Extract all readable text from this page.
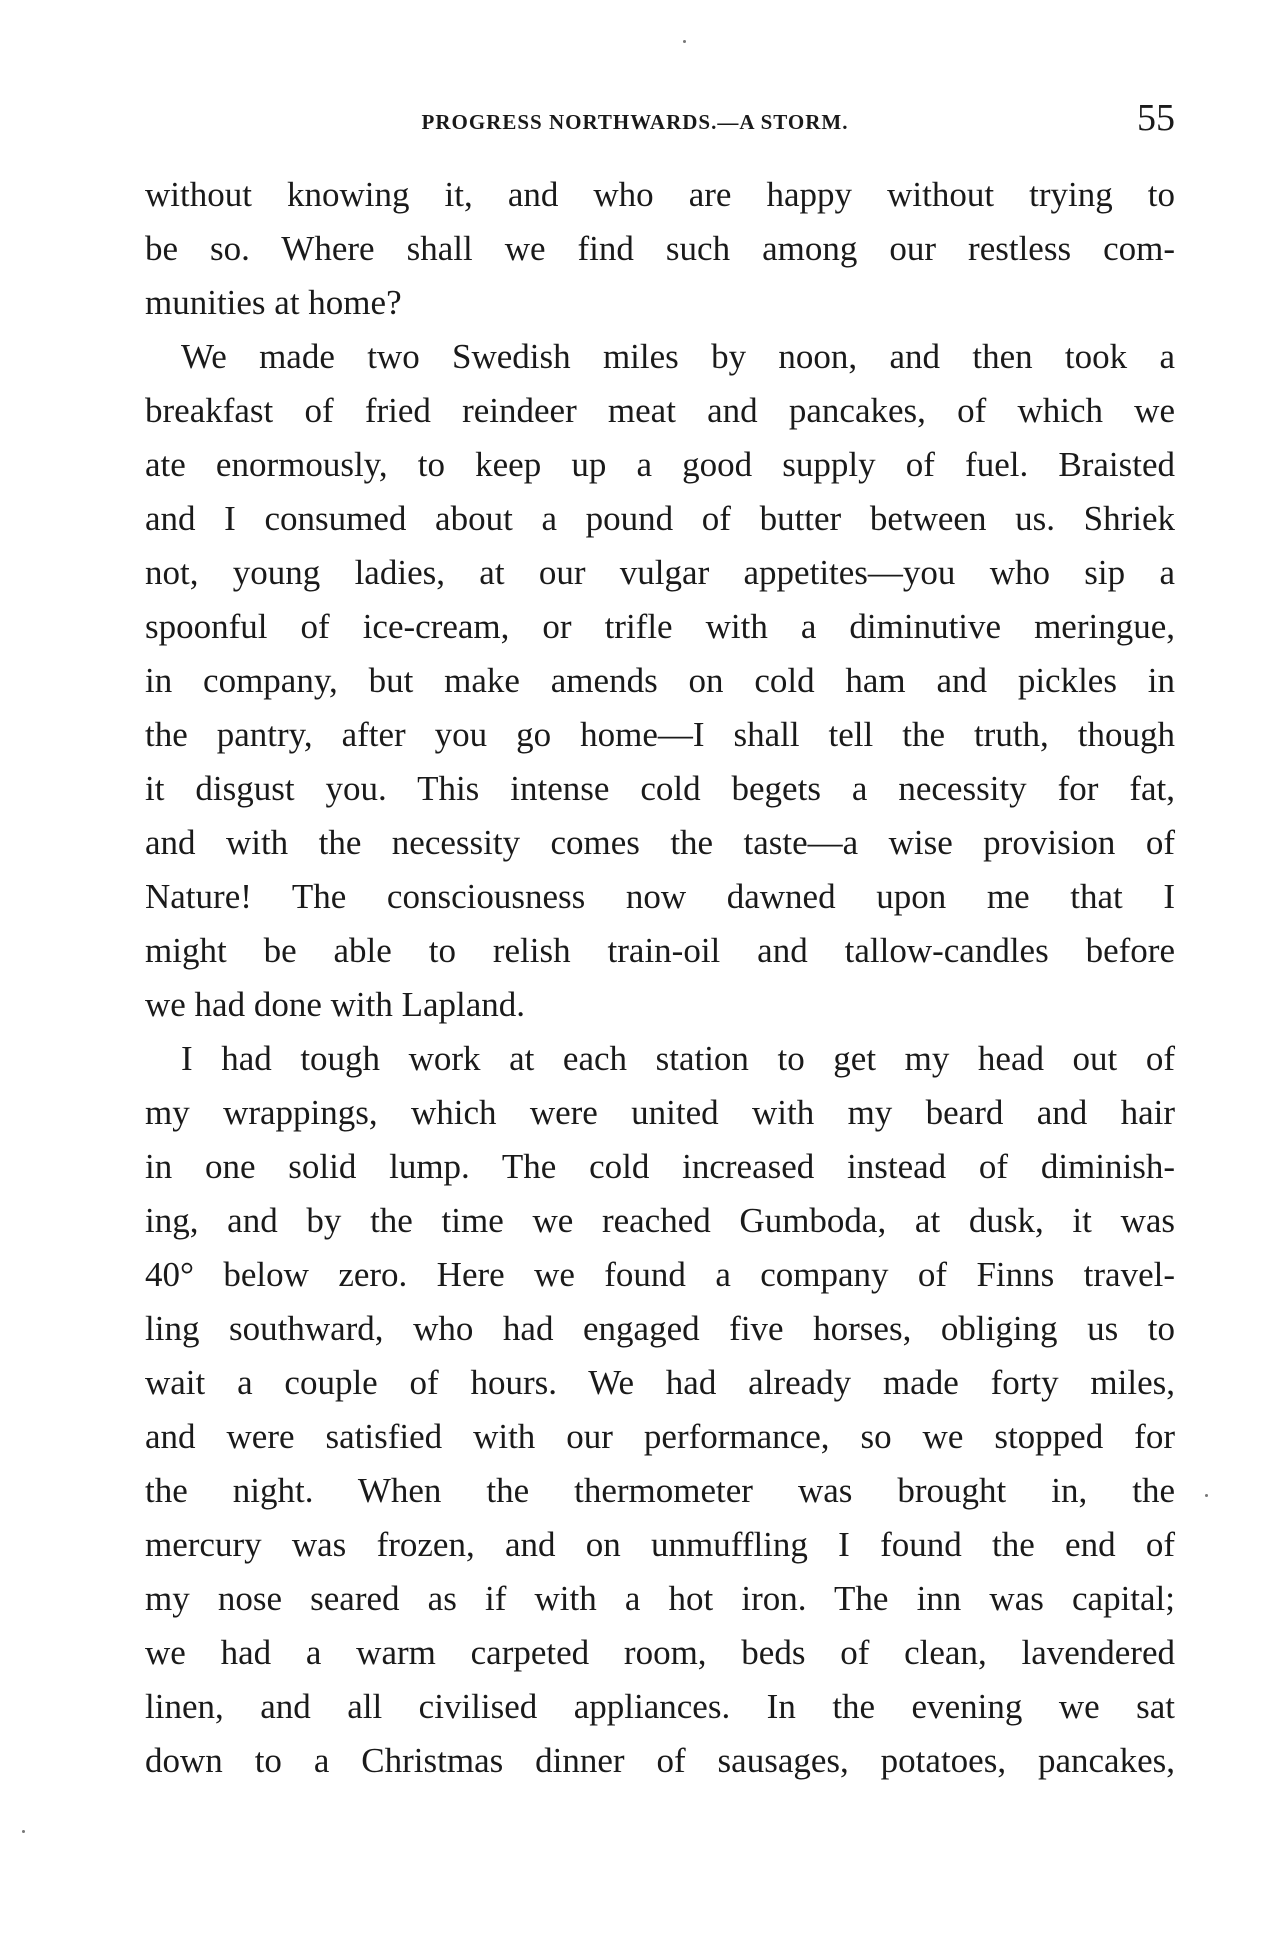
PROGRESS NORTHWARDS.—A STORM.	55
without knowing it, and who are happy without trying to
be so. Where shall we find such among our restless com-
munities at home?
We made two Swedish miles by noon, and then took a
breakfast of fried reindeer meat and pancakes, of which we
ate enormously, to keep up a good supply of fuel. Braisted
and I consumed about a pound of butter between us. Shriek
not, young ladies, at our vulgar appetites—you who sip a
spoonful of ice-cream, or trifle with a diminutive meringue,
in company, but make amends on cold ham and pickles in
the pantry, after you go home—I shall tell the truth, though
it disgust you. This intense cold begets a necessity for fat,
and with the necessity comes the taste—a wise provision of
Nature! The consciousness now dawned upon me that I
might be able to relish train-oil and tallow-candles before
we had done with Lapland.
I had tough work at each station to get my head out of
my wrappings, which were united with my beard and hair
in one solid lump. The cold increased instead of diminish-
ing, and by the time we reached Gumboda, at dusk, it was
40° below zero. Here we found a company of Finns travel-
ling southward, who had engaged five horses, obliging us to
wait a couple of hours. We had already made forty miles,
and were satisfied with our performance, so we stopped for
the night. When the thermometer was brought in, the
mercury was frozen, and on unmuffling I found the end of
my nose seared as if with a hot iron. The inn was capital;
we had a warm carpeted room, beds of clean, lavendered
linen, and all civilised appliances. In the evening we sat
down to a Christmas dinner of sausages, potatoes, pancakes,
